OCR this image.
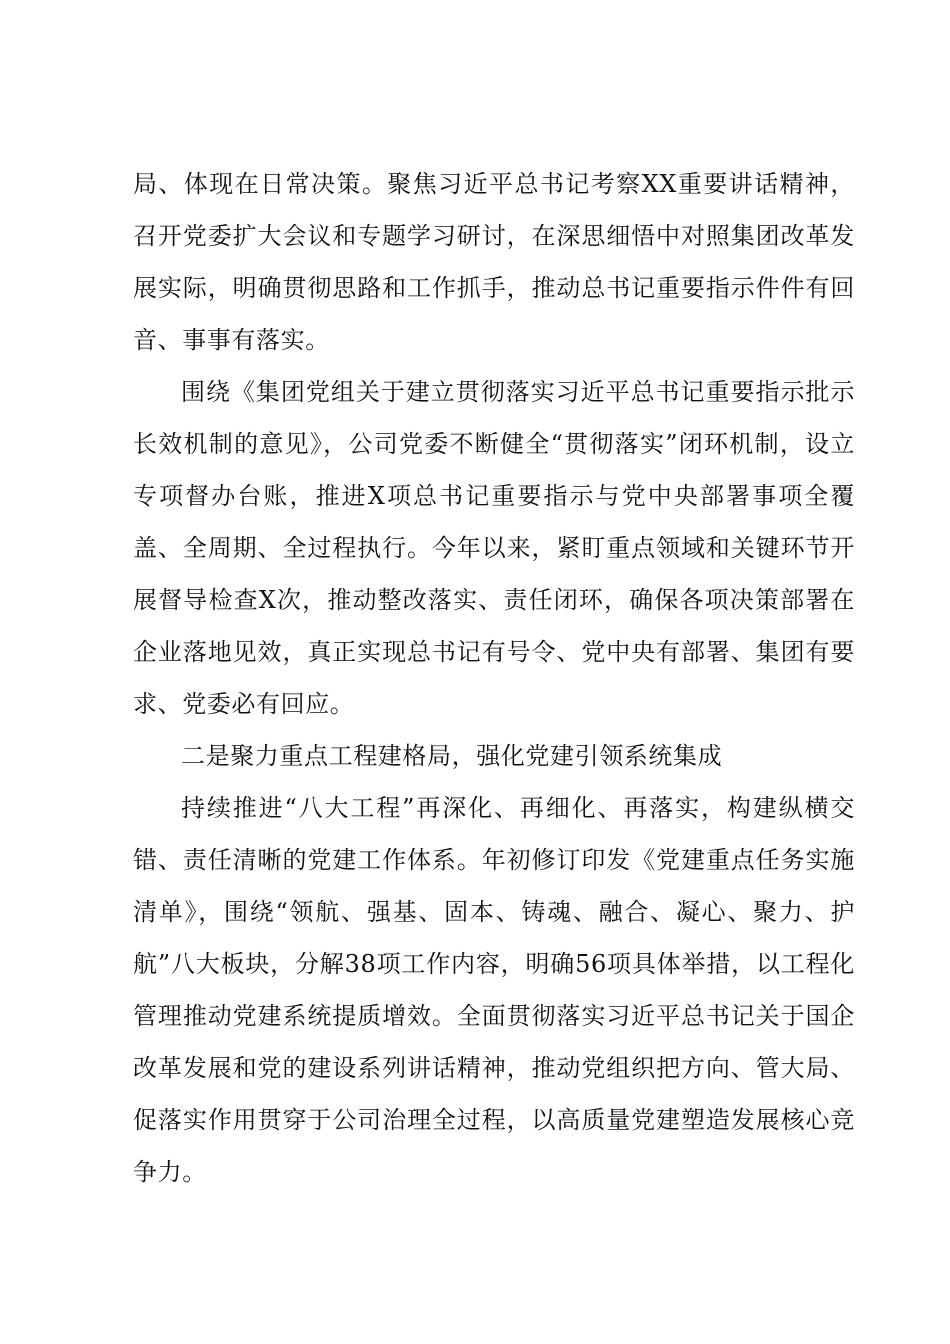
局、体现在日常决策。聚焦习近平总书记考察XX重要讲话精神，召开党委扩大会议和专题学习研讨，在深思细悟中对照集团改革发展实际，明确贯彻思路和工作抓手，推动总书记重要指示件件有回音、事事有落实。

围绕《集团党组关于建立贯彻落实习近平总书记重要指示批示长效机制的意见》，公司党委不断健全“贯彻落实”闭环机制，设立专项督办台账，推进X项总书记重要指示与党中央部署事项全覆盖、全周期、全过程执行。今年以来，紧盯重点领域和关键环节开展督导检查X次，推动整改落实、责任闭环，确保各项决策部署在企业落地见效，真正实现总书记有号令、党中央有部署、集团有要求、党委必有回应。

二是聚力重点工程建格局，强化党建引领系统集成

持续推进“八大工程”再深化、再细化、再落实，构建纵横交错、责任清晰的党建工作体系。年初修订印发《党建重点任务实施清单》，围绕“领航、强基、固本、铸魂、融合、凝心、聚力、护航”八大板块，分解38项工作内容，明确56项具体举措，以工程化管理推动党建系统提质增效。全面贯彻落实习近平总书记关于国企改革发展和党的建设系列讲话精神，推动党组织把方向、管大局、促落实作用贯穿于公司治理全过程，以高质量党建塑造发展核心竞争力。
